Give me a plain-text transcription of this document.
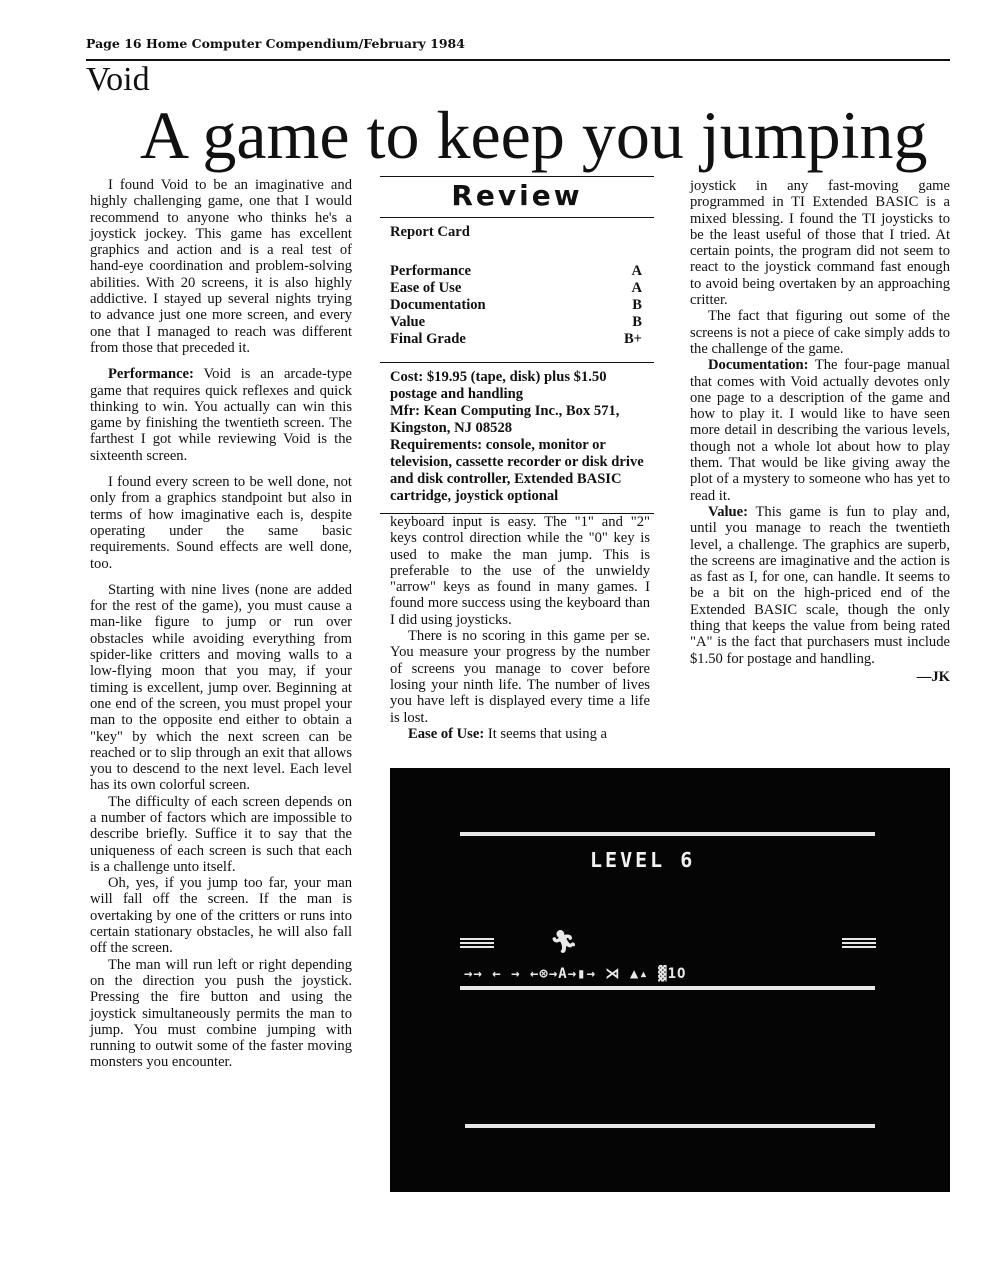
Page 16 Home Computer Compendium/February 1984
Void
A game to keep you jumping

I found Void to be an imaginative and highly challenging game, one that I would recommend to anyone who thinks he's a joystick jockey. This game has excellent graphics and action and is a real test of hand-eye coordination and problem-solving abilities. With 20 screens, it is also highly addictive. I stayed up several nights trying to advance just one more screen, and every one that I managed to reach was different from those that preceded it.

Performance: Void is an arcade-type game that requires quick reflexes and quick thinking to win. You actually can win this game by finishing the twentieth screen. The farthest I got while reviewing Void is the sixteenth screen.

I found every screen to be well done, not only from a graphics standpoint but also in terms of how imaginative each is, despite operating under the same basic requirements. Sound effects are well done, too.

Starting with nine lives (none are added for the rest of the game), you must cause a man-like figure to jump or run over obstacles while avoiding everything from spider-like critters and moving walls to a low-flying moon that you may, if your timing is excellent, jump over. Beginning at one end of the screen, you must propel your man to the opposite end either to obtain a "key" by which the next screen can be reached or to slip through an exit that allows you to descend to the next level. Each level has its own colorful screen.

The difficulty of each screen depends on a number of factors which are impossible to describe briefly. Suffice it to say that the uniqueness of each screen is such that each is a challenge unto itself.

Oh, yes, if you jump too far, your man will fall off the screen. If the man is overtaking by one of the critters or runs into certain stationary obstacles, he will also fall off the screen.

The man will run left or right depending on the direction you push the joystick. Pressing the fire button and using the joystick simultaneously permits the man to jump. You must combine jumping with running to outwit some of the faster moving monsters you encounter.

Review
Report Card
Performance	A
Ease of Use	A
Documentation	B
Value	B
Final Grade	B+
Cost: $19.95 (tape, disk) plus $1.50 postage and handling
Mfr: Kean Computing Inc., Box 571, Kingston, NJ 08528
Requirements: console, monitor or television, cassette recorder or disk drive and disk controller, Extended BASIC cartridge, joystick optional

keyboard input is easy. The "1" and "2" keys control direction while the "0" key is used to make the man jump. This is preferable to the use of the unwieldy "arrow" keys as found in many games. I found more success using the keyboard than I did using joysticks.

There is no scoring in this game per se. You measure your progress by the number of screens you manage to cover before losing your ninth life. The number of lives you have left is displayed every time a life is lost.

Ease of Use: It seems that using a

joystick in any fast-moving game programmed in TI Extended BASIC is a mixed blessing. I found the TI joysticks to be the least useful of those that I tried. At certain points, the program did not seem to react to the joystick command fast enough to avoid being overtaken by an approaching critter.

The fact that figuring out some of the screens is not a piece of cake simply adds to the challenge of the game.

Documentation: The four-page manual that comes with Void actually devotes only one page to a description of the game and how to play it. I would like to have seen more detail in describing the various levels, though not a whole lot about how to play them. That would be like giving away the plot of a mystery to someone who has yet to read it.

Value: This game is fun to play and, until you manage to reach the twentieth level, a challenge. The graphics are superb, the screens are imaginative and the action is as fast as I, for one, can handle. It seems to be a bit on the high-priced end of the Extended BASIC scale, though the only thing that keeps the value from being rated "A" is the fact that purchasers must include $1.50 for postage and handling.

—JK
LEVEL 6
🏃︎
→→ ← → ←⊗→A→▮→ ⋊ ▲▴ ▓1O
